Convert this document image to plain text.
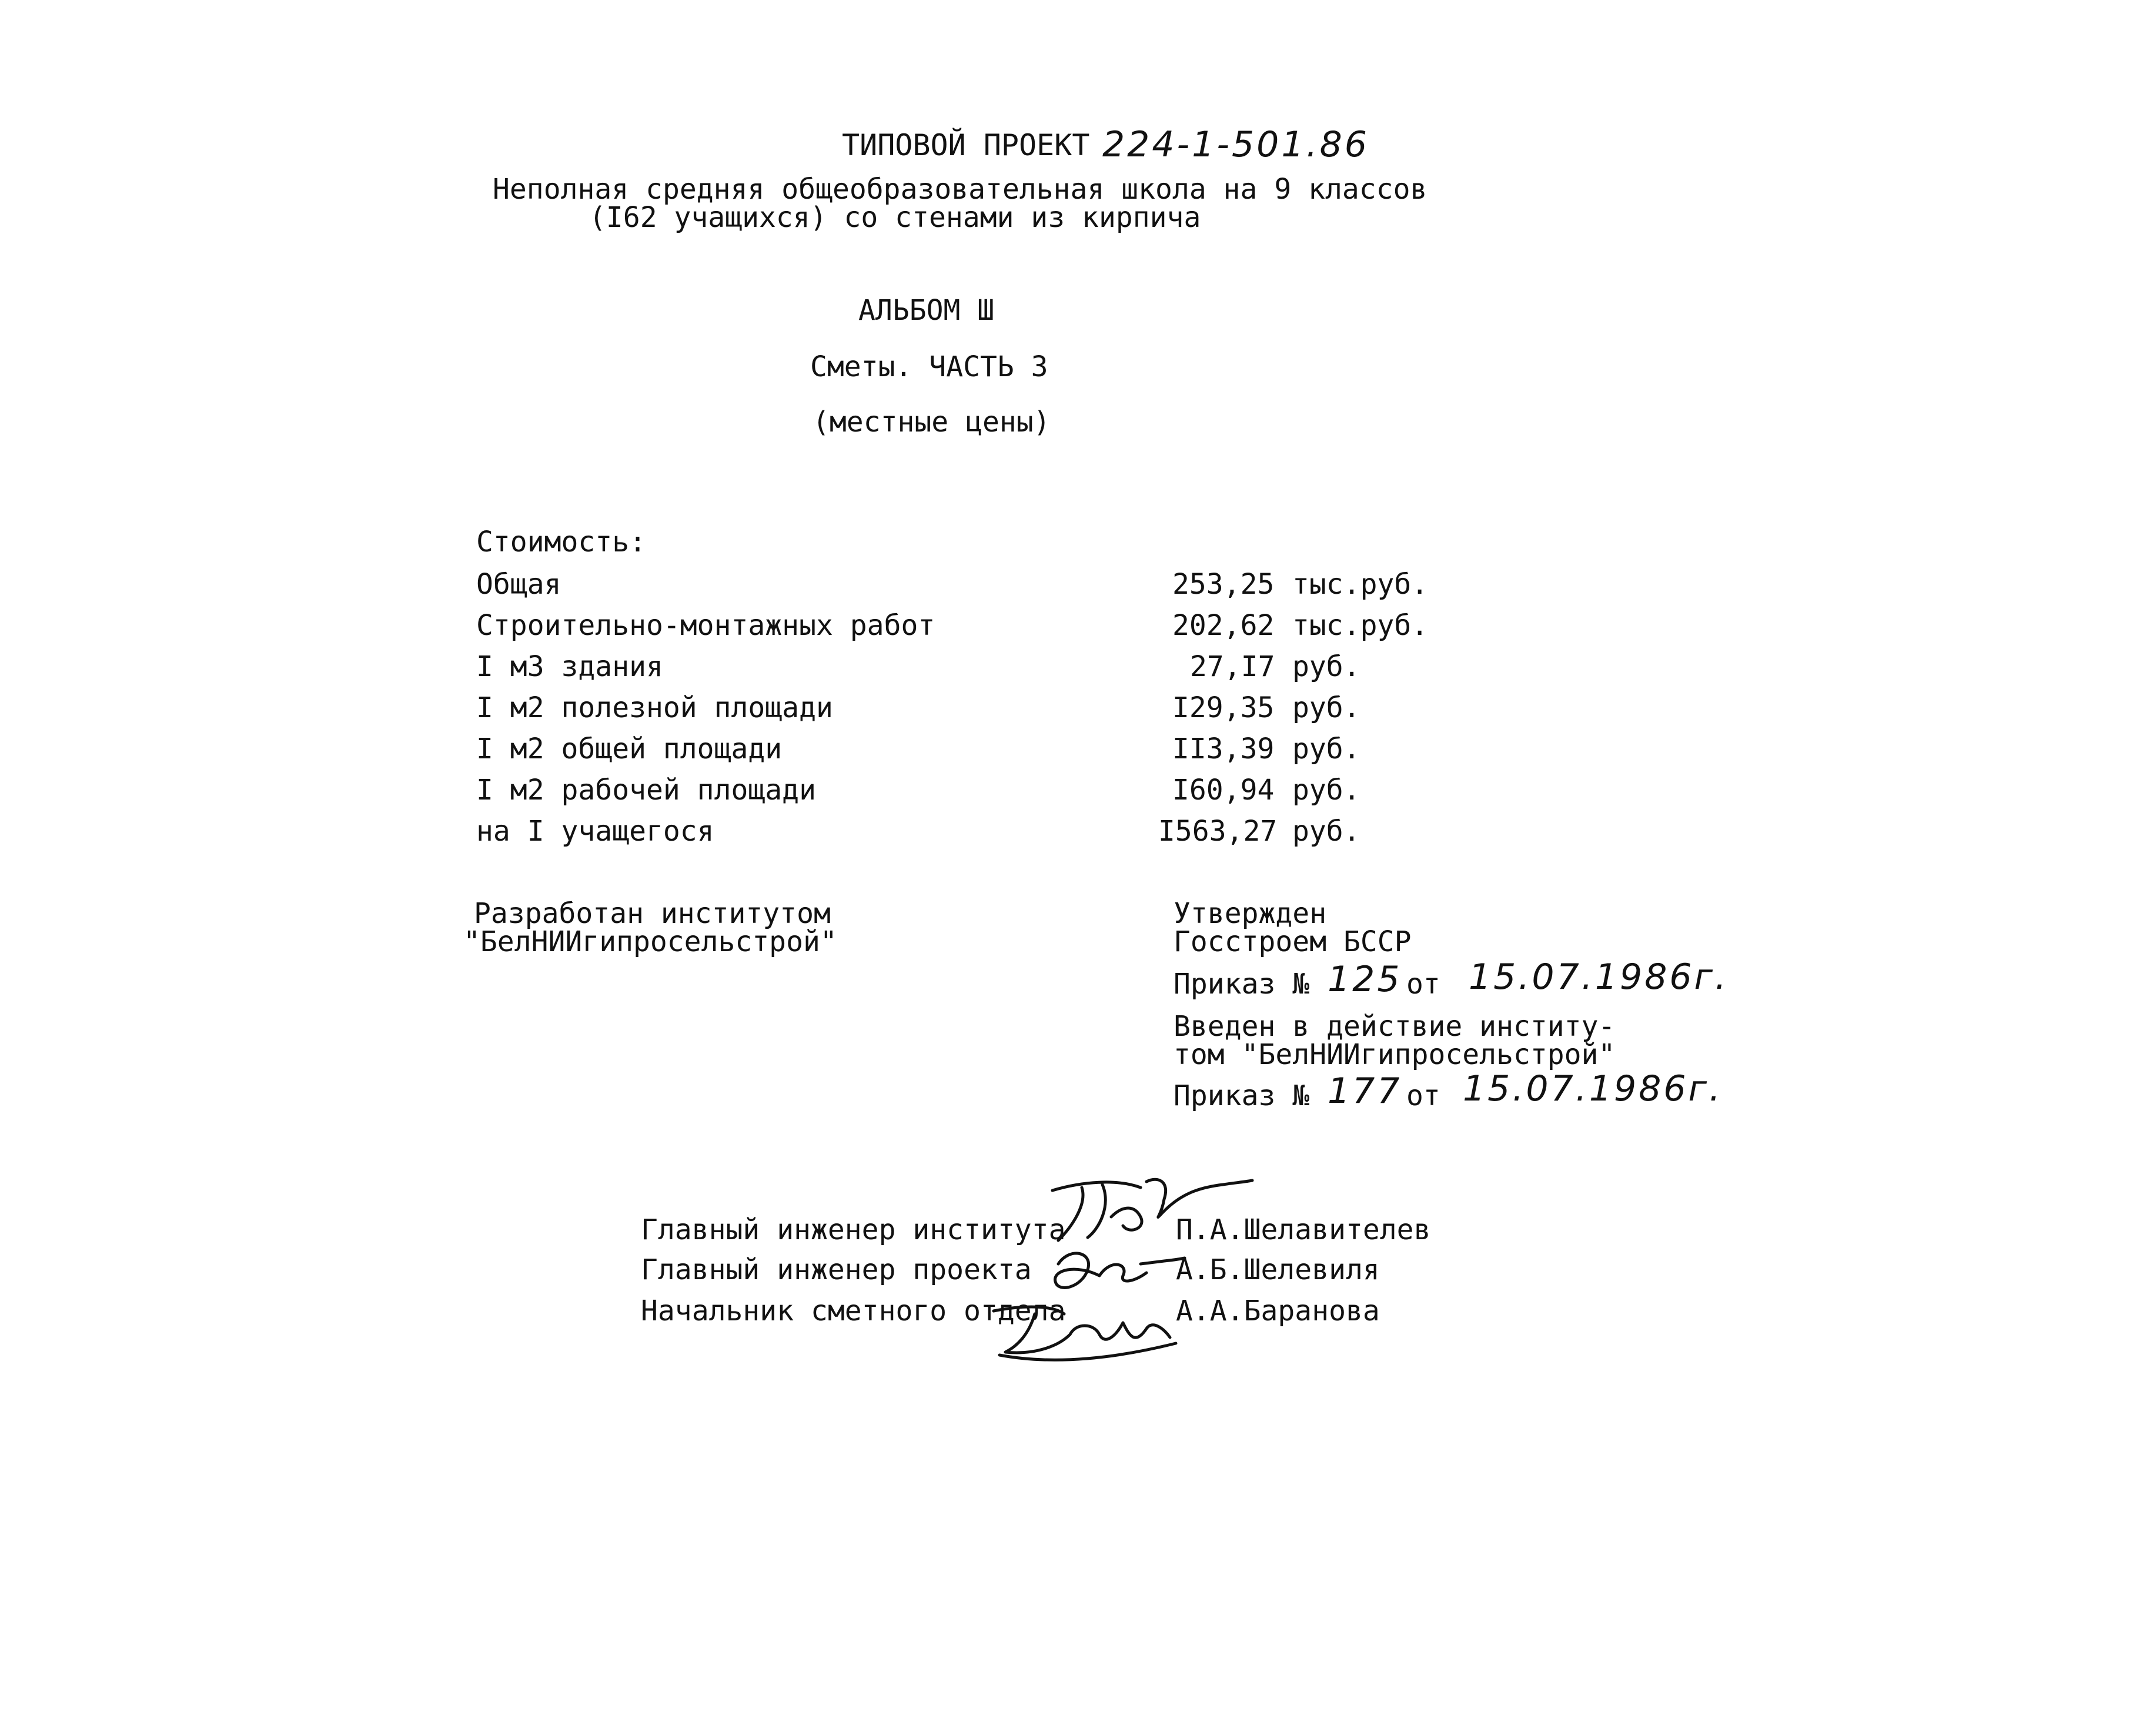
ТИПОВОЙ ПРОЕКТ 224-1-501.86
Неполная средняя общеобразовательная школа на 9 классов
(I62 учащихся) со стенами из кирпича
АЛЬБОМ Ш
Сметы. ЧАСТЬ 3
(местные цены)
Стоимость:
Общая	253,25 тыс.руб.
Строительно-монтажных работ	202,62 тыс.руб.
I м3 здания	27,I7 руб.
I м2 полезной площади	I29,35 руб.
I м2 общей площади	II3,39 руб.
I м2 рабочей площади	I60,94 руб.
на I учащегося	I563,27 руб.
Разработан институтом
"БелНИИгипросельстрой"
Утвержден
Госстроем БССР
Приказ № 125 от 15.07.1986г.
Введен в действие институ-
том "БелНИИгипросельстрой"
Приказ № 177 от 15.07.1986г.
Главный инженер института	П.А.Шелавителев
Главный инженер проекта	А.Б.Шелевиля
Начальник сметного отдела	А.А.Баранова
